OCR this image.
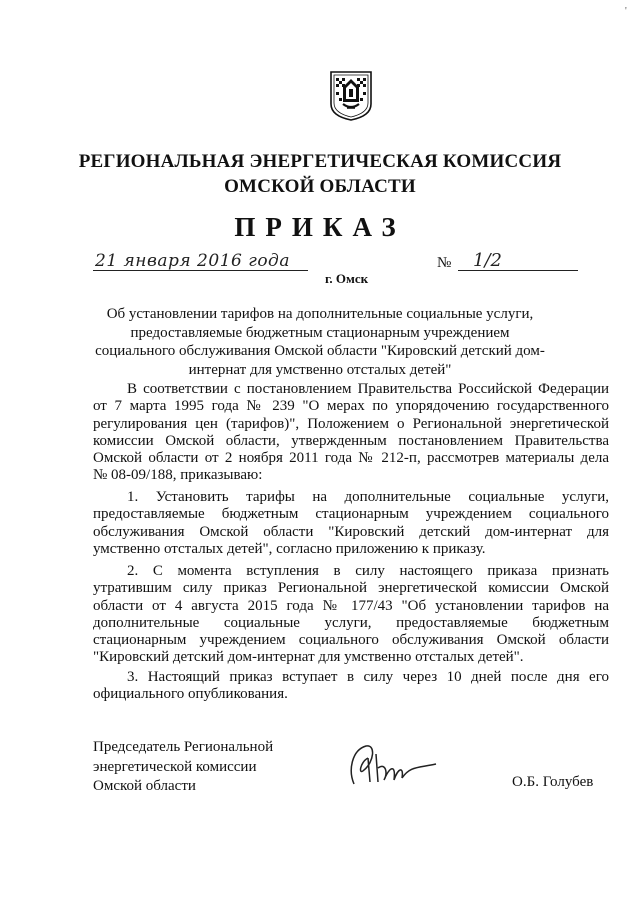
'
РЕГИОНАЛЬНАЯ ЭНЕРГЕТИЧЕСКАЯ КОМИССИЯ
ОМСКОЙ ОБЛАСТИ
ПРИКАЗ
21 января 2016 года
г. Омск
№ 1/2
Об установлении тарифов на дополнительные социальные услуги,
предоставляемые бюджетным стационарным учреждением
социального обслуживания Омской области "Кировский детский дом-
интернат для умственно отсталых детей"
В соответствии с постановлением Правительства Российской Федерации
от 7 марта 1995 года № 239 "О мерах по упорядочению государственного
регулирования цен (тарифов)", Положением о Региональной энергетической
комиссии Омской области, утвержденным постановлением Правительства
Омской области от 2 ноября 2011 года № 212-п, рассмотрев материалы дела
№ 08-09/188, приказываю:
1. Установить тарифы на дополнительные социальные услуги,
предоставляемые бюджетным стационарным учреждением социального
обслуживания Омской области "Кировский детский дом-интернат для
умственно отсталых детей", согласно приложению к приказу.
2. С момента вступления в силу настоящего приказа признать
утратившим силу приказ Региональной энергетической комиссии Омской
области от 4 августа 2015 года № 177/43 "Об установлении тарифов на
дополнительные социальные услуги, предоставляемые бюджетным
стационарным учреждением социального обслуживания Омской области
"Кировский детский дом-интернат для умственно отсталых детей".
3. Настоящий приказ вступает в силу через 10 дней после дня его
официального опубликования.
Председатель Региональной
энергетической комиссии
Омской области	О.Б. Голубев
